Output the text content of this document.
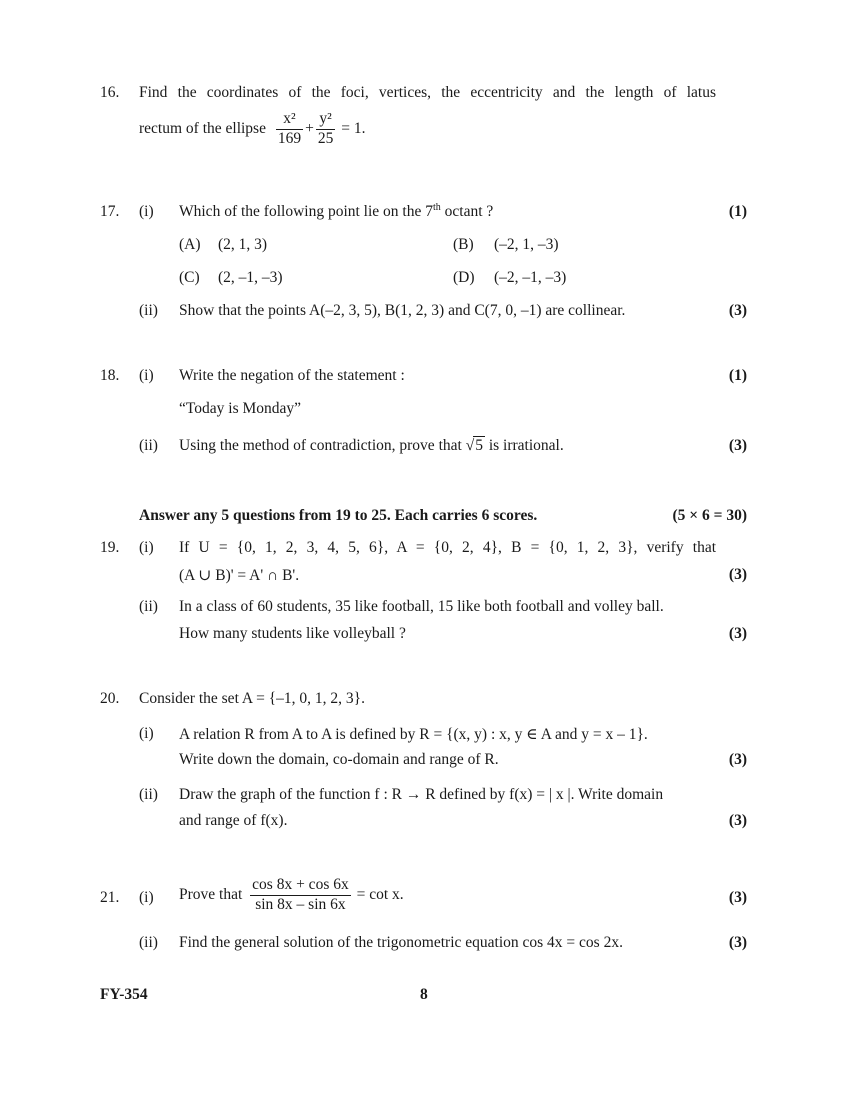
16. Find the coordinates of the foci, vertices, the eccentricity and the length of latus
rectum of the ellipse $\frac{\text{x²}}{169} + \frac{\text{y²}}{25} = 1$.
17. (i) Which of the following point lie on the 7th octant ?	(1)
(A) (2, 1, 3)	(B) (–2, 1, –3)
(C) (2, –1, –3)	(D) (–2, –1, –3)
(ii) Show that the points A(–2, 3, 5), B(1, 2, 3) and C(7, 0, –1) are collinear.	(3)
18. (i) Write the negation of the statement :	(1)
“Today is Monday”
(ii) Using the method of contradiction, prove that √5 is irrational.	(3)
Answer any 5 questions from 19 to 25. Each carries 6 scores.	(5 × 6 = 30)
19. (i) If U = {0, 1, 2, 3, 4, 5, 6}, A = {0, 2, 4}, B = {0, 1, 2, 3}, verify that
(A ∪ B)' = A' ∩ B'.	(3)
(ii) In a class of 60 students, 35 like football, 15 like both football and volley ball.
How many students like volleyball ?	(3)
20. Consider the set A = {–1, 0, 1, 2, 3}.
(i) A relation R from A to A is defined by R = {(x, y) : x, y ∈ A and y = x – 1}.
Write down the domain, co-domain and range of R.	(3)
(ii) Draw the graph of the function f : R → R defined by f(x) = | x |. Write domain
and range of f(x).	(3)
21. (i) Prove that $\frac{\cos 8x + \cos 6x}{\sin 8x - \sin 6x} = \cot x$.	(3)
(ii) Find the general solution of the trigonometric equation cos 4x = cos 2x.	(3)
FY-354	8
